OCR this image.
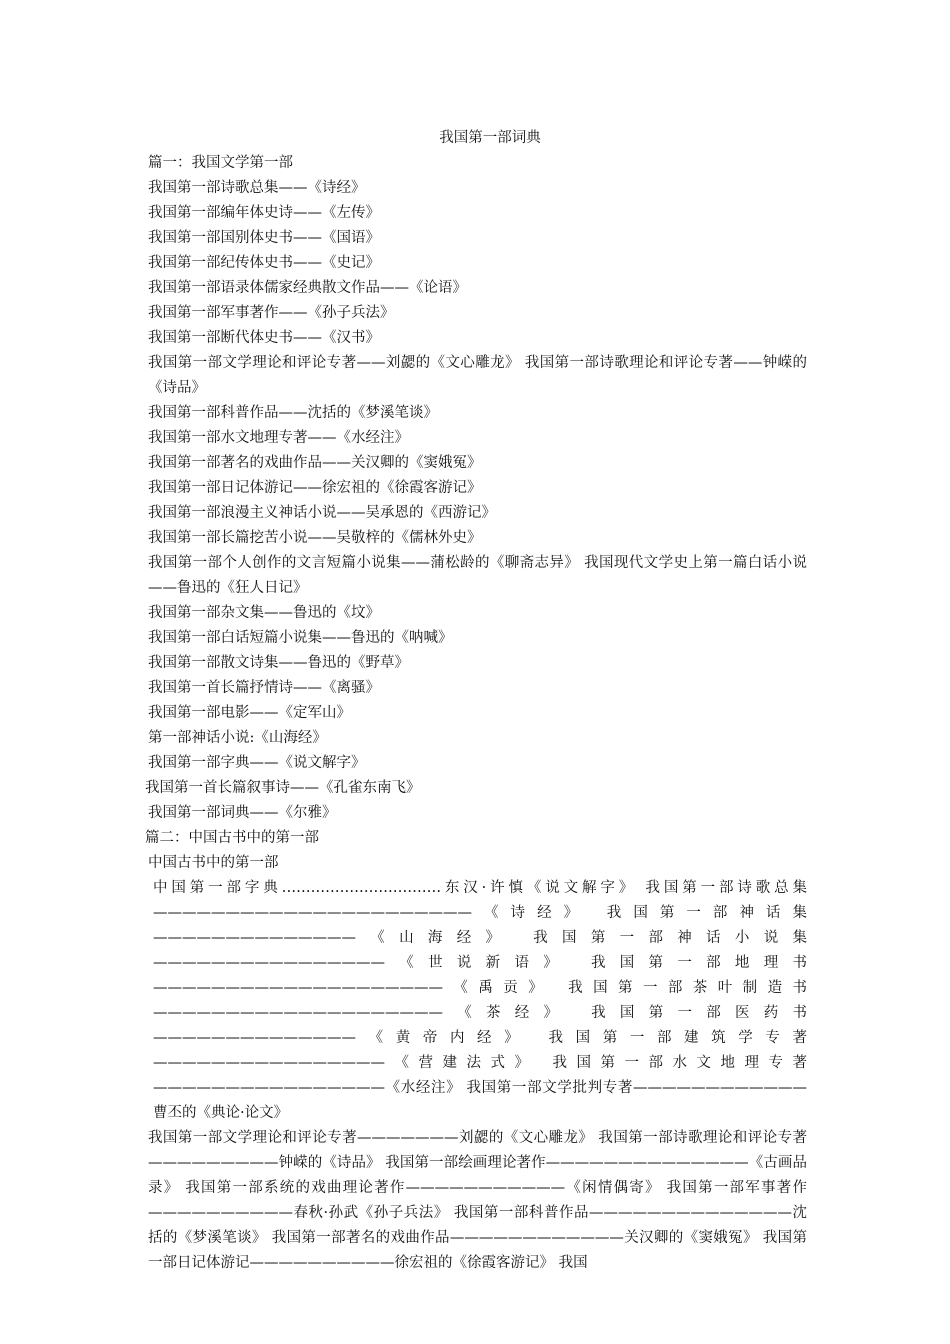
我国第一部词典

篇一：我国文学第一部

我国第一部诗歌总集——《诗经》

我国第一部编年体史诗——《左传》

我国第一部国别体史书——《国语》

我国第一部纪传体史书——《史记》

我国第一部语录体儒家经典散文作品——《论语》

我国第一部军事著作——《孙子兵法》

我国第一部断代体史书——《汉书》

我国第一部文学理论和评论专著——刘勰的《文心雕龙》 我国第一部诗歌理论和评论专著——钟嵘的《诗品》

我国第一部科普作品——沈括的《梦溪笔谈》

我国第一部水文地理专著——《水经注》

我国第一部著名的戏曲作品——关汉卿的《窦娥冤》

我国第一部日记体游记——徐宏祖的《徐霞客游记》

我国第一部浪漫主义神话小说——吴承恩的《西游记》

我国第一部长篇挖苦小说——吴敬梓的《儒林外史》

我国第一部个人创作的文言短篇小说集——蒲松龄的《聊斋志异》 我国现代文学史上第一篇白话小说 ——鲁迅的《狂人日记》

我国第一部杂文集——鲁迅的《坟》

我国第一部白话短篇小说集——鲁迅的《呐喊》

我国第一部散文诗集——鲁迅的《野草》

我国第一首长篇抒情诗——《离骚》

我国第一部电影——《定军山》

第一部神话小说:《山海经》

我国第一部字典——《说文解字》

我国第一首长篇叙事诗——《孔雀东南飞》

我国第一部词典——《尔雅》

篇二：中国古书中的第一部

中国古书中的第一部

中国第一部字典……………………………东汉·许慎《说文解字》 我国第一部诗歌总集——————————————————————《诗经》 我国第一部神话集——————————————《山海经》 我国第一部神话小说集————————————————《世说新语》 我国第一部地理书————————————————————《禹贡》 我国第一部茶叶制造书————————————————————《茶经》 我国第一部医药书——————————————《黄帝内经》 我国第一部建筑学专著————————————————《营建法式》 我国第一部水文地理专著————————————————《水经注》 我国第一部文学批判专著————————————曹丕的《典论·论文》

我国第一部文学理论和评论专著———————刘勰的《文心雕龙》 我国第一部诗歌理论和评论专著—————————钟嵘的《诗品》 我国第一部绘画理论著作——————————————《古画品录》 我国第一部系统的戏曲理论著作———————————《闲情偶寄》 我国第一部军事著作——————————春秋·孙武《孙子兵法》 我国第一部科普作品——————————————沈括的《梦溪笔谈》 我国第一部著名的戏曲作品————————————关汉卿的《窦娥冤》 我国第一部日记体游记——————————徐宏祖的《徐霞客游记》 我国
